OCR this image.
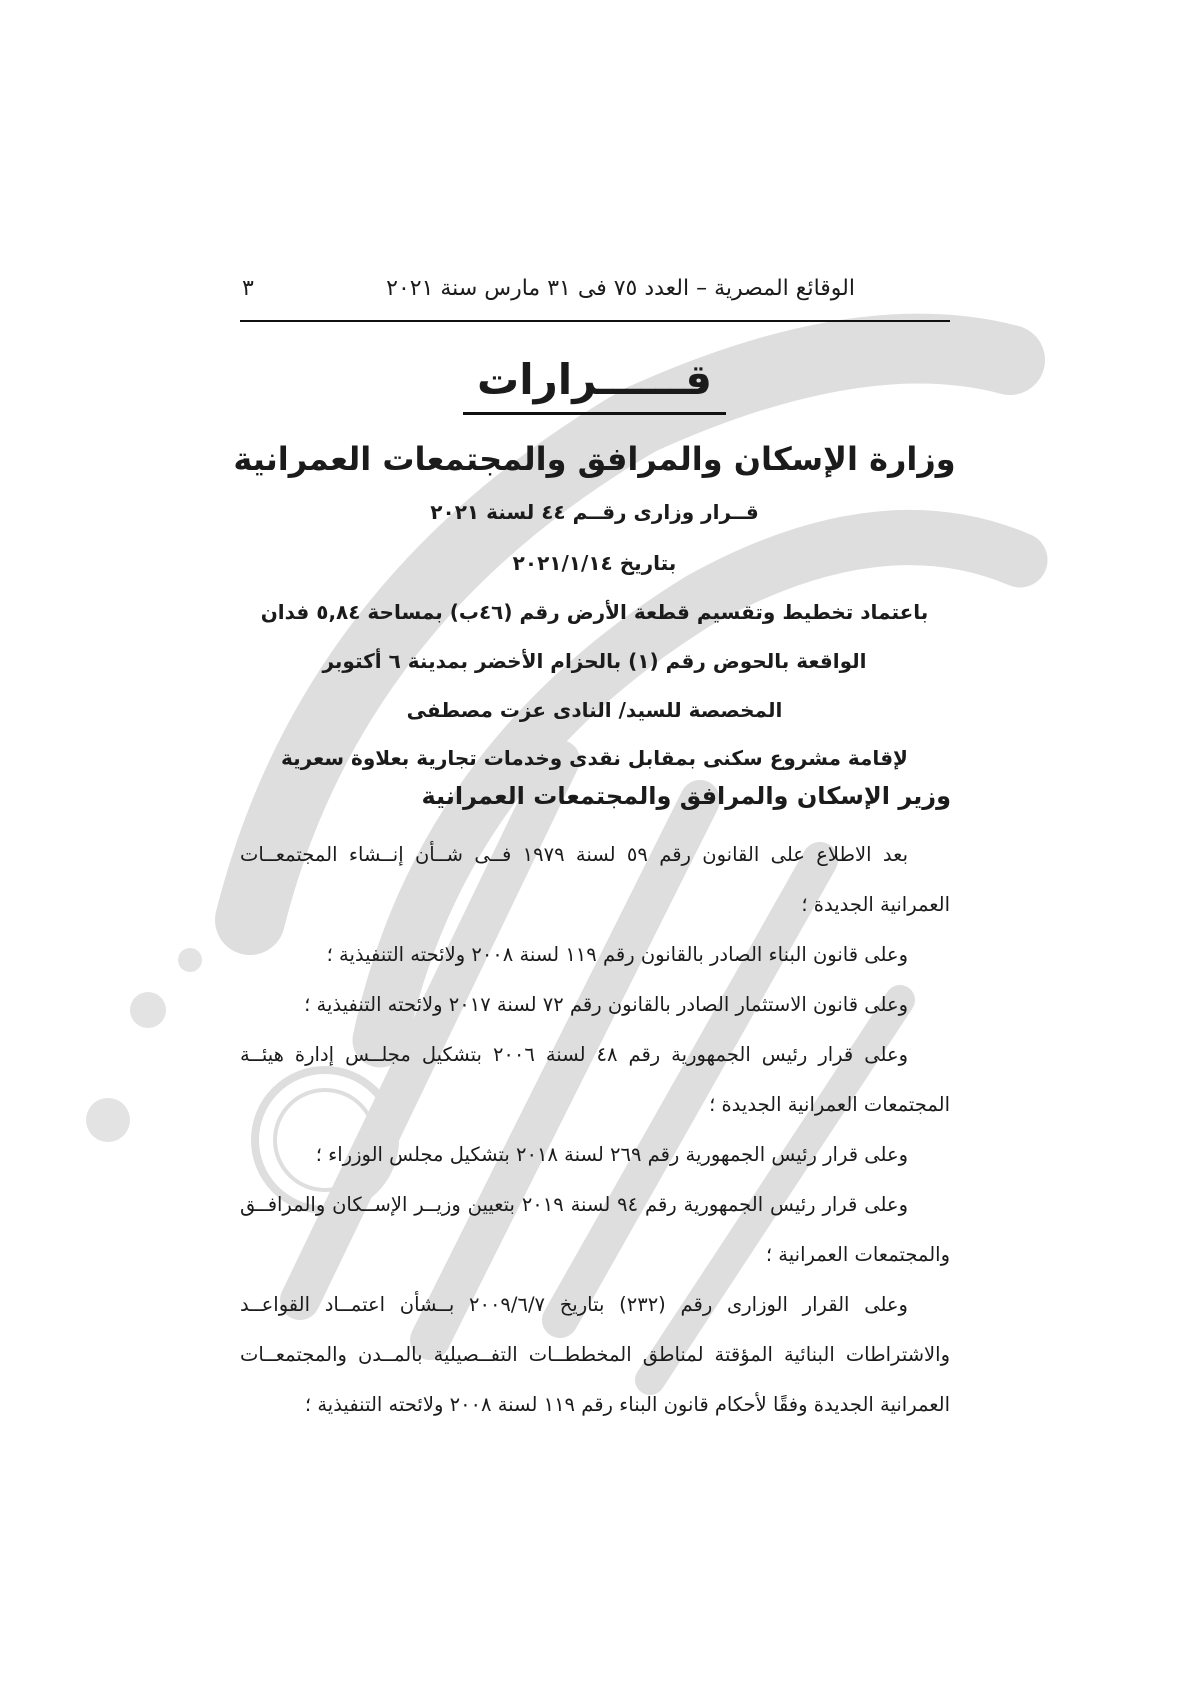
الوقائع المصرية – العدد ٧٥ فى ٣١ مارس سنة ٢٠٢١
٣
قــــــرارات
وزارة الإسكان والمرافق والمجتمعات العمرانية
قــرار وزارى رقــم ٤٤ لسنة ٢٠٢١
بتاريخ ٢٠٢١/١/١٤
باعتماد تخطيط وتقسيم قطعة الأرض رقم (٤٦ب) بمساحة ٥,٨٤ فدان
الواقعة بالحوض رقم (١) بالحزام الأخضر بمدينة ٦ أكتوبر
المخصصة للسيد/ النادى عزت مصطفى
لإقامة مشروع سكنى بمقابل نقدى وخدمات تجارية بعلاوة سعرية
وزير الإسكان والمرافق والمجتمعات العمرانية

بعد الاطلاع على القانون رقم ٥٩ لسنة ١٩٧٩ فــى شــأن إنــشاء المجتمعــات العمرانية الجديدة ؛

وعلى قانون البناء الصادر بالقانون رقم ١١٩ لسنة ٢٠٠٨ ولائحته التنفيذية ؛

وعلى قانون الاستثمار الصادر بالقانون رقم ٧٢ لسنة ٢٠١٧ ولائحته التنفيذية ؛

وعلى قرار رئيس الجمهورية رقم ٤٨ لسنة ٢٠٠٦ بتشكيل مجلــس إدارة هيئــة المجتمعات العمرانية الجديدة ؛

وعلى قرار رئيس الجمهورية رقم ٢٦٩ لسنة ٢٠١٨ بتشكيل مجلس الوزراء ؛

وعلى قرار رئيس الجمهورية رقم ٩٤ لسنة ٢٠١٩ بتعيين وزيــر الإســكان والمرافــق والمجتمعات العمرانية ؛

وعلى القرار الوزارى رقم (٢٣٢) بتاريخ ٢٠٠٩/٦/٧ بــشأن اعتمــاد القواعــد والاشتراطات البنائية المؤقتة لمناطق المخططــات التفــصيلية بالمــدن والمجتمعــات العمرانية الجديدة وفقًا لأحكام قانون البناء رقم ١١٩ لسنة ٢٠٠٨ ولائحته التنفيذية ؛
